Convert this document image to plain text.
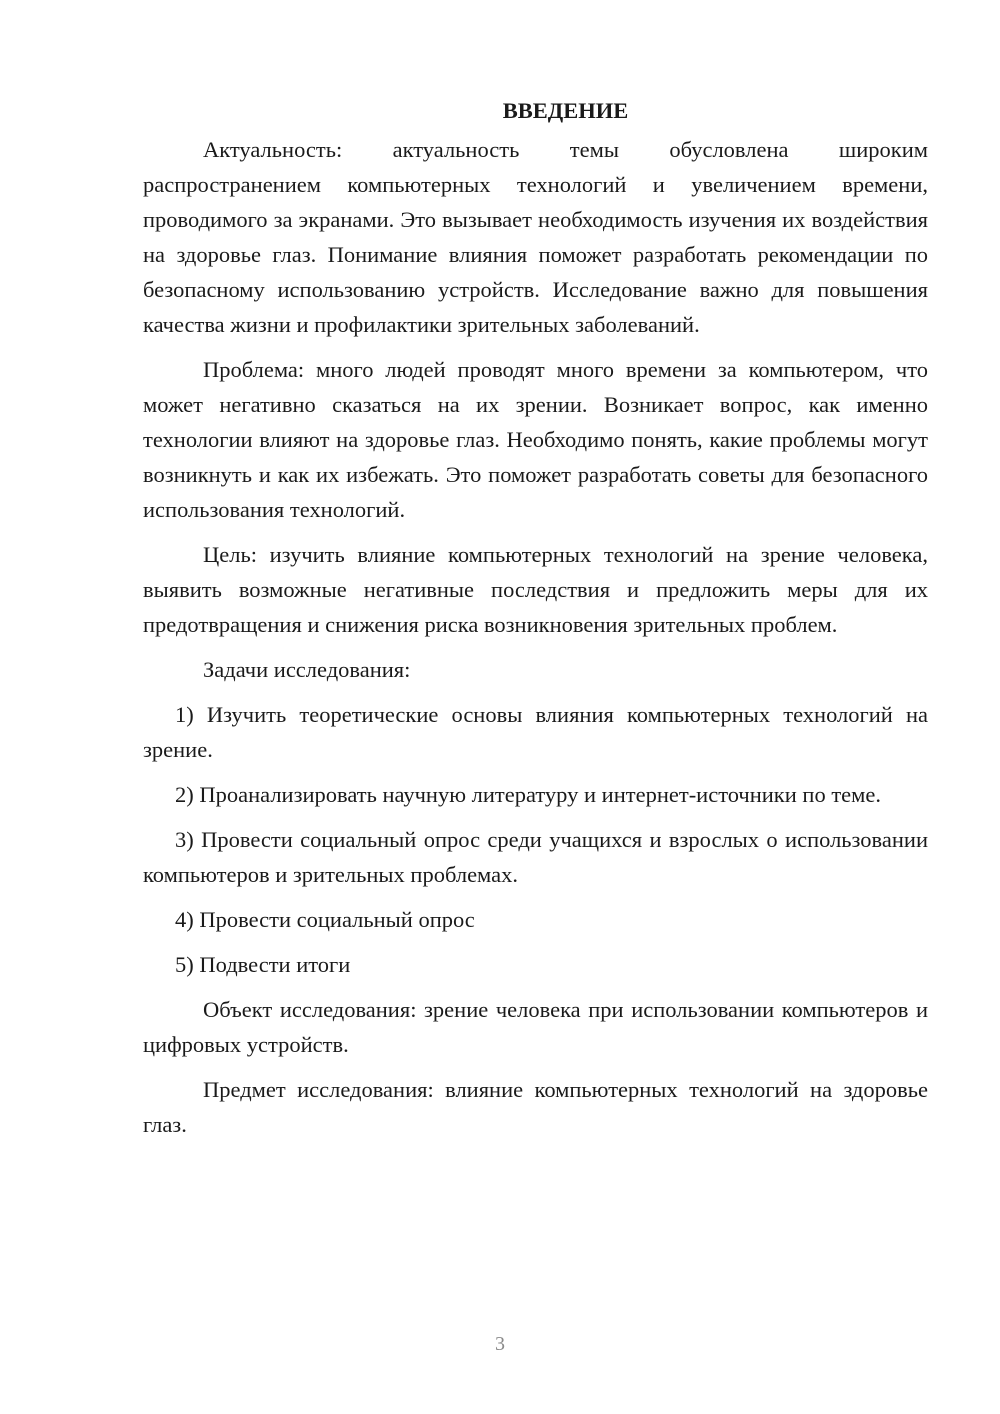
ВВЕДЕНИЕ

Актуальность: актуальность темы обусловлена широким распространением компьютерных технологий и увеличением времени, проводимого за экранами. Это вызывает необходимость изучения их воздействия на здоровье глаз. Понимание влияния поможет разработать рекомендации по безопасному использованию устройств. Исследование важно для повышения качества жизни и профилактики зрительных заболеваний.

Проблема: много людей проводят много времени за компьютером, что может негативно сказаться на их зрении. Возникает вопрос, как именно технологии влияют на здоровье глаз. Необходимо понять, какие проблемы могут возникнуть и как их избежать. Это поможет разработать советы для безопасного использования технологий.

Цель: изучить влияние компьютерных технологий на зрение человека, выявить возможные негативные последствия и предложить меры для их предотвращения и снижения риска возникновения зрительных проблем.

Задачи исследования:

1) Изучить теоретические основы влияния компьютерных технологий на зрение.

2) Проанализировать научную литературу и интернет-источники по теме.

3) Провести социальный опрос среди учащихся и взрослых о использовании компьютеров и зрительных проблемах.

4) Провести социальный опрос

5) Подвести итоги

Объект исследования: зрение человека при использовании компьютеров и цифровых устройств.

Предмет исследования: влияние компьютерных технологий на здоровье глаз.

3
